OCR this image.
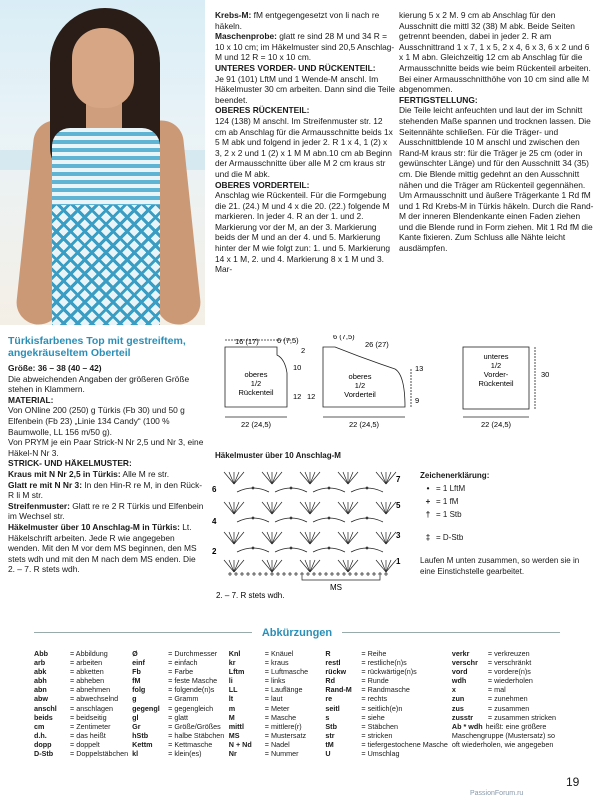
Krebs-M: fM entgegengesetzt von li nach re häkeln.

Maschenprobe: glatt re sind 28 M und 34 R = 10 x 10 cm; im Häkelmuster sind 20,5 Anschlag-M und 12 R = 10 x 10 cm.

UNTERES VORDER- UND RÜCKENTEIL:

Je 91 (101) LftM und 1 Wende-M anschl. Im Häkelmuster 30 cm arbeiten. Dann sind die Teile beendet.

OBERES RÜCKENTEIL:

124 (138) M anschl. Im Streifenmuster str. 12 cm ab Anschlag für die Armausschnitte beids 1x 5 M abk und folgend in jeder 2. R 1 x 4, 1 (2) x 3, 2 x 2 und 1 (2) x 1 M M abn.10 cm ab Beginn der Armausschnitte über alle M 2 cm kraus str und die M abk.

OBERES VORDERTEIL:

Anschlag wie Rückenteil. Für die Formgebung die 21. (24.) M und 4 x die 20. (22.) folgende M markieren. In jeder 4. R an der 1. und 2. Markierung vor der M, an der 3. Markierung beids der M und an der 4. und 5. Markierung hinter der M wie folgt zun: 1. und 5. Markierung 14 x 1 M, 2. und 4. Markierung 8 x 1 M und 3. Mar-

kierung 5 x 2 M. 9 cm ab Anschlag für den Ausschnitt die mittl 32 (38) M abk. Beide Seiten getrennt beenden, dabei in jeder 2. R am Ausschnittrand 1 x 7, 1 x 5, 2 x 4, 6 x 3, 6 x 2 und 6 x 1 M abn. Gleichzeitig 12 cm ab Anschlag für die Armausschnitte beids wie beim Rückenteil arbeiten. Bei einer Armausschnitthöhe von 10 cm sind alle M abgenommen.

FERTIGSTELLUNG:

Die Teile leicht anfeuchten und laut der im Schnitt stehenden Maße spannen und trocknen lassen. Die Seitennähte schließen. Für die Träger- und Ausschnittblende 10 M anschl und zwischen den Rand-M kraus str: für die Träger je 25 cm (oder in gewünschter Länge) und für den Ausschnitt 34 (35) cm. Die Blende mittig gedehnt an den Ausschnitt nähen und die Träger am Rückenteil gegennähen. Um Armausschnitt und äußere Trägerkante 1 Rd fM und 1 Rd Krebs-M in Türkis häkeln. Durch die Rand-M der inneren Blendenkante einen Faden ziehen und die Blende rund in Form ziehen. Mit 1 Rd fM die Kante fixieren. Zum Schluss alle Nähte leicht ausdämpfen.

Türkisfarbenes Top mit gestreiftem, angekräuseltem Oberteil

Größe: 36 – 38 (40 – 42)

Die abweichenden Angaben der größeren Größe stehen in Klammern.

MATERIAL:

Von ONline 200 (250) g Türkis (Fb 30) und 50 g Elfenbein (Fb 23) „Linie 134 Candy“ (100 % Baumwolle, LL 156 m/50 g).

Von PRYM je ein Paar Strick-N Nr 2,5 und Nr 3, eine Häkel-N Nr 3.

STRICK- UND HÄKELMUSTER:

Kraus mit N Nr 2,5 in Türkis: Alle M re str.

Glatt re mit N Nr 3: In den Hin-R re M, in den Rück-R li M str.

Streifenmuster: Glatt re re 2 R Türkis und Elfenbein im Wechsel str.

Häkelmuster über 10 Anschlag-M in Türkis: Lt. Häkelschrift arbeiten. Jede R wie angegeben wenden. Mit den M vor dem MS beginnen, den MS stets wdh und mit den M nach dem MS enden. Die 2. – 7. R stets wdh.

16 (17) 6 (7,5)
2
oberes
1/2
Rückenteil
10
12
22 (24,5)
6 (7,5)
26 (27)
oberes
1/2
Vorderteil
13
12	9
22 (24,5)
unteres
1/2
Vorder-
Rückenteil
30
22 (24,5)
Häkelmuster über 10 Anschlag-M
6
4
2
7
5
3
1
MS
2. – 7. R stets wdh.
Zeichenerklärung:
• = 1 LftM
+ = 1 fM
† = 1 Stb
‡ = D-Stb
Laufen M unten zusammen, so werden sie in eine Einstichstelle gearbeitet.
Abkürzungen
Abb	= Abbildung
arb	= arbeiten
abk	= abketten
abh	= abheben
abn	= abnehmen
abw	= abwechselnd
anschl	= anschlagen
beids	= beidseitig
cm	= Zentimeter
d.h.	= das heißt
dopp	= doppelt
D-Stb	= Doppelstäbchen
Ø	= Durchmesser
einf	= einfach
Fb	= Farbe
fM	= feste Masche
folg	= folgende(n)s
g	= Gramm
gegengl	= gegengleich
gl	= glatt
Gr	= Größe/Größes
hStb	= halbe Stäbchen
Kettm	= Kettmasche
kl	= klein(es)
Knl	= Knäuel
kr	= kraus
Lftm	= Luftmasche
li	= links
LL	= Lauflänge
lt	= laut
m	= Meter
M	= Masche
mittl	= mittlere(r)
MS	= Mustersatz
N + Nd	= Nadel
Nr	= Nummer
R	= Reihe
restl	= restliche(n)s
rückw	= rückwärtige(n)s
Rd	= Runde
Rand-M	= Randmasche
re	= rechts
seitl	= seitlich(e)n
s	= siehe
Stb	= Stäbchen
str	= stricken
tM	= tiefergestochene Masche
U	= Umschlag
verkr	= verkreuzen
verschr	= verschränkt
vord	= vordere(n)s
wdh	= wiederholen
x	= mal
zun	= zunehmen
zus	= zusammen
zusstr	= zusammen stricken
Ab * wdh heißt: eine größere Maschengruppe (Mustersatz) so oft wiederholen, wie angegeben
19
PassionForum.ru
